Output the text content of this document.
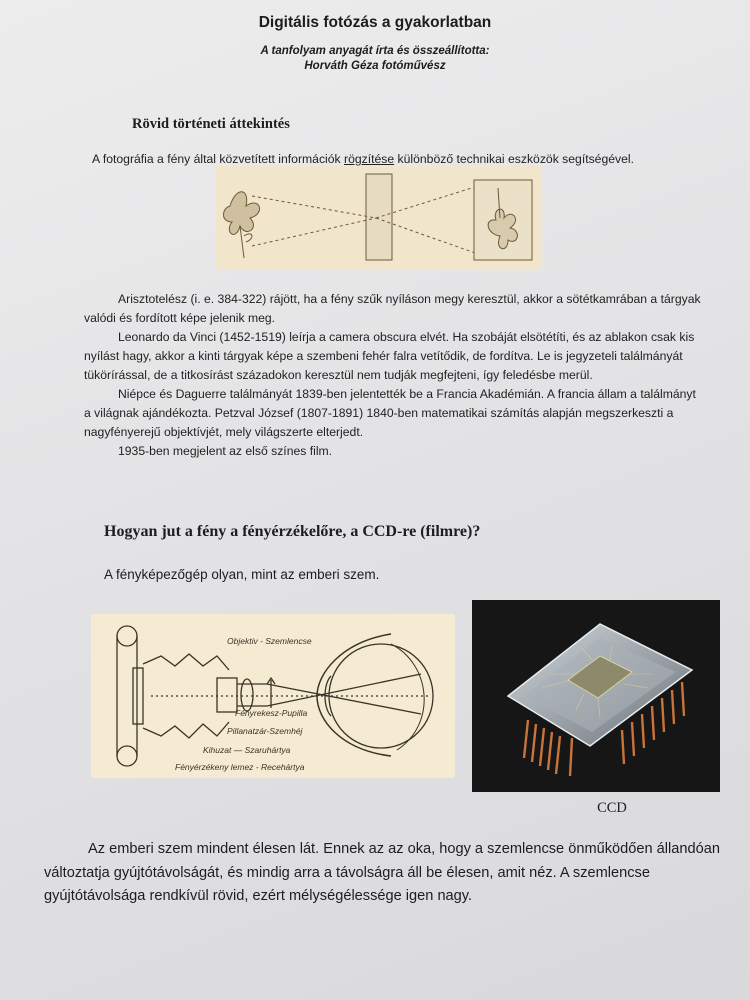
Digitális fotózás a gyakorlatban
A tanfolyam anyagát írta és összeállította:
Horváth Géza fotóművész
Rövid történeti áttekintés
A fotográfia a fény által közvetített információk rögzítése különböző technikai eszközök segítségével.

Arisztotelész (i. e. 384-322) rájött, ha a fény szűk nyíláson megy keresztül, akkor a sötétkamrában a tárgyak valódi és fordított képe jelenik meg.

Leonardo da Vinci (1452-1519) leírja a camera obscura elvét. Ha szobáját elsötétíti, és az ablakon csak kis nyílást hagy, akkor a kinti tárgyak képe a szembeni fehér falra vetítődik, de fordítva. Le is jegyzeteli találmányát tükörírással, de a titkosírást századokon keresztül nem tudják megfejteni, így feledésbe merül.

Niépce és Daguerre találmányát 1839-ben jelentették be a Francia Akadémián. A francia állam a találmányt a világnak ajándékozta. Petzval József (1807-1891) 1840-ben matematikai számítás alapján megszerkeszti a nagyfényerejű objektívjét, mely világszerte elterjedt.

1935-ben megjelent az első színes film.

Hogyan jut a fény a fényérzékelőre, a CCD-re (filmre)?
A fényképezőgép olyan, mint az emberi szem.
Objektiv - Szemlencse
Fényrekesz-Pupilla
Pillanatzár-Szemhéj
Kihuzat — Szaruhártya
Fényérzékeny lemez - Recehártya
CCD
Az emberi szem mindent élesen lát. Ennek az az oka, hogy a szemlencse önműködően állandóan változtatja gyújtótávolságát, és mindig arra a távolságra áll be élesen, amit néz. A szemlencse gyújtótávolsága rendkívül rövid, ezért mélységélessége igen nagy.
